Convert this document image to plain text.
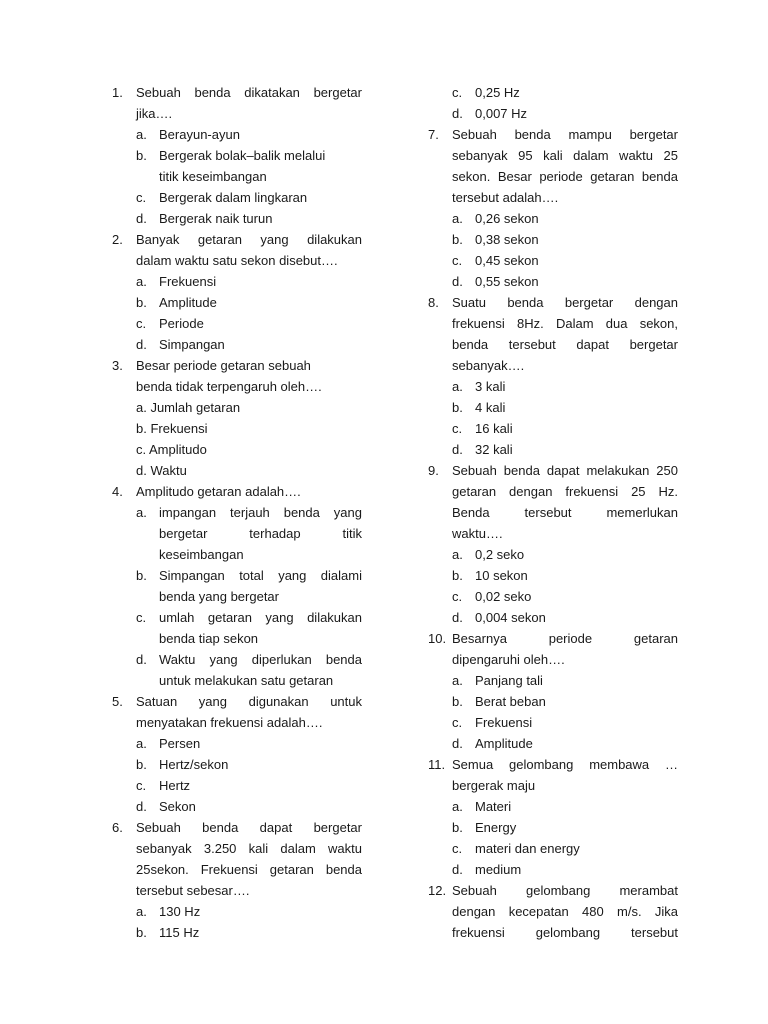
1. Sebuah benda dikatakan bergetar
jika….
a. Berayun-ayun
b. Bergerak bolak–balik melalui
titik keseimbangan
c. Bergerak dalam lingkaran
d. Bergerak naik turun
2. Banyak getaran yang dilakukan
dalam waktu satu sekon disebut….
a. Frekuensi
b. Amplitude
c. Periode
d. Simpangan
3. Besar periode getaran sebuah
benda tidak terpengaruh oleh….
a. Jumlah getaran
b. Frekuensi
c. Amplitudo
d. Waktu
4. Amplitudo getaran adalah….
a. impangan terjauh benda yang
bergetar terhadap titik
keseimbangan
b. Simpangan total yang dialami
benda yang bergetar
c. umlah getaran yang dilakukan
benda tiap sekon
d. Waktu yang diperlukan benda
untuk melakukan satu getaran
5. Satuan yang digunakan untuk
menyatakan frekuensi adalah….
a. Persen
b. Hertz/sekon
c. Hertz
d. Sekon
6. Sebuah benda dapat bergetar
sebanyak 3.250 kali dalam waktu
25sekon. Frekuensi getaran benda
tersebut sebesar….
a. 130 Hz
b. 115 Hz
c. 0,25 Hz
d. 0,007 Hz
7. Sebuah benda mampu bergetar
sebanyak 95 kali dalam waktu 25
sekon. Besar periode getaran benda
tersebut adalah….
a. 0,26 sekon
b. 0,38 sekon
c. 0,45 sekon
d. 0,55 sekon
8. Suatu benda bergetar dengan
frekuensi 8Hz. Dalam dua sekon,
benda tersebut dapat bergetar
sebanyak….
a. 3 kali
b. 4 kali
c. 16 kali
d. 32 kali
9. Sebuah benda dapat melakukan 250
getaran dengan frekuensi 25 Hz.
Benda tersebut memerlukan
waktu….
a. 0,2 seko
b. 10 sekon
c. 0,02 seko
d. 0,004 sekon
10. Besarnya periode getaran
dipengaruhi oleh….
a. Panjang tali
b. Berat beban
c. Frekuensi
d. Amplitude
11. Semua gelombang membawa …
bergerak maju
a. Materi
b. Energy
c. materi dan energy
d. medium
12. Sebuah gelombang merambat
dengan kecepatan 480 m/s. Jika
frekuensi gelombang tersebut
